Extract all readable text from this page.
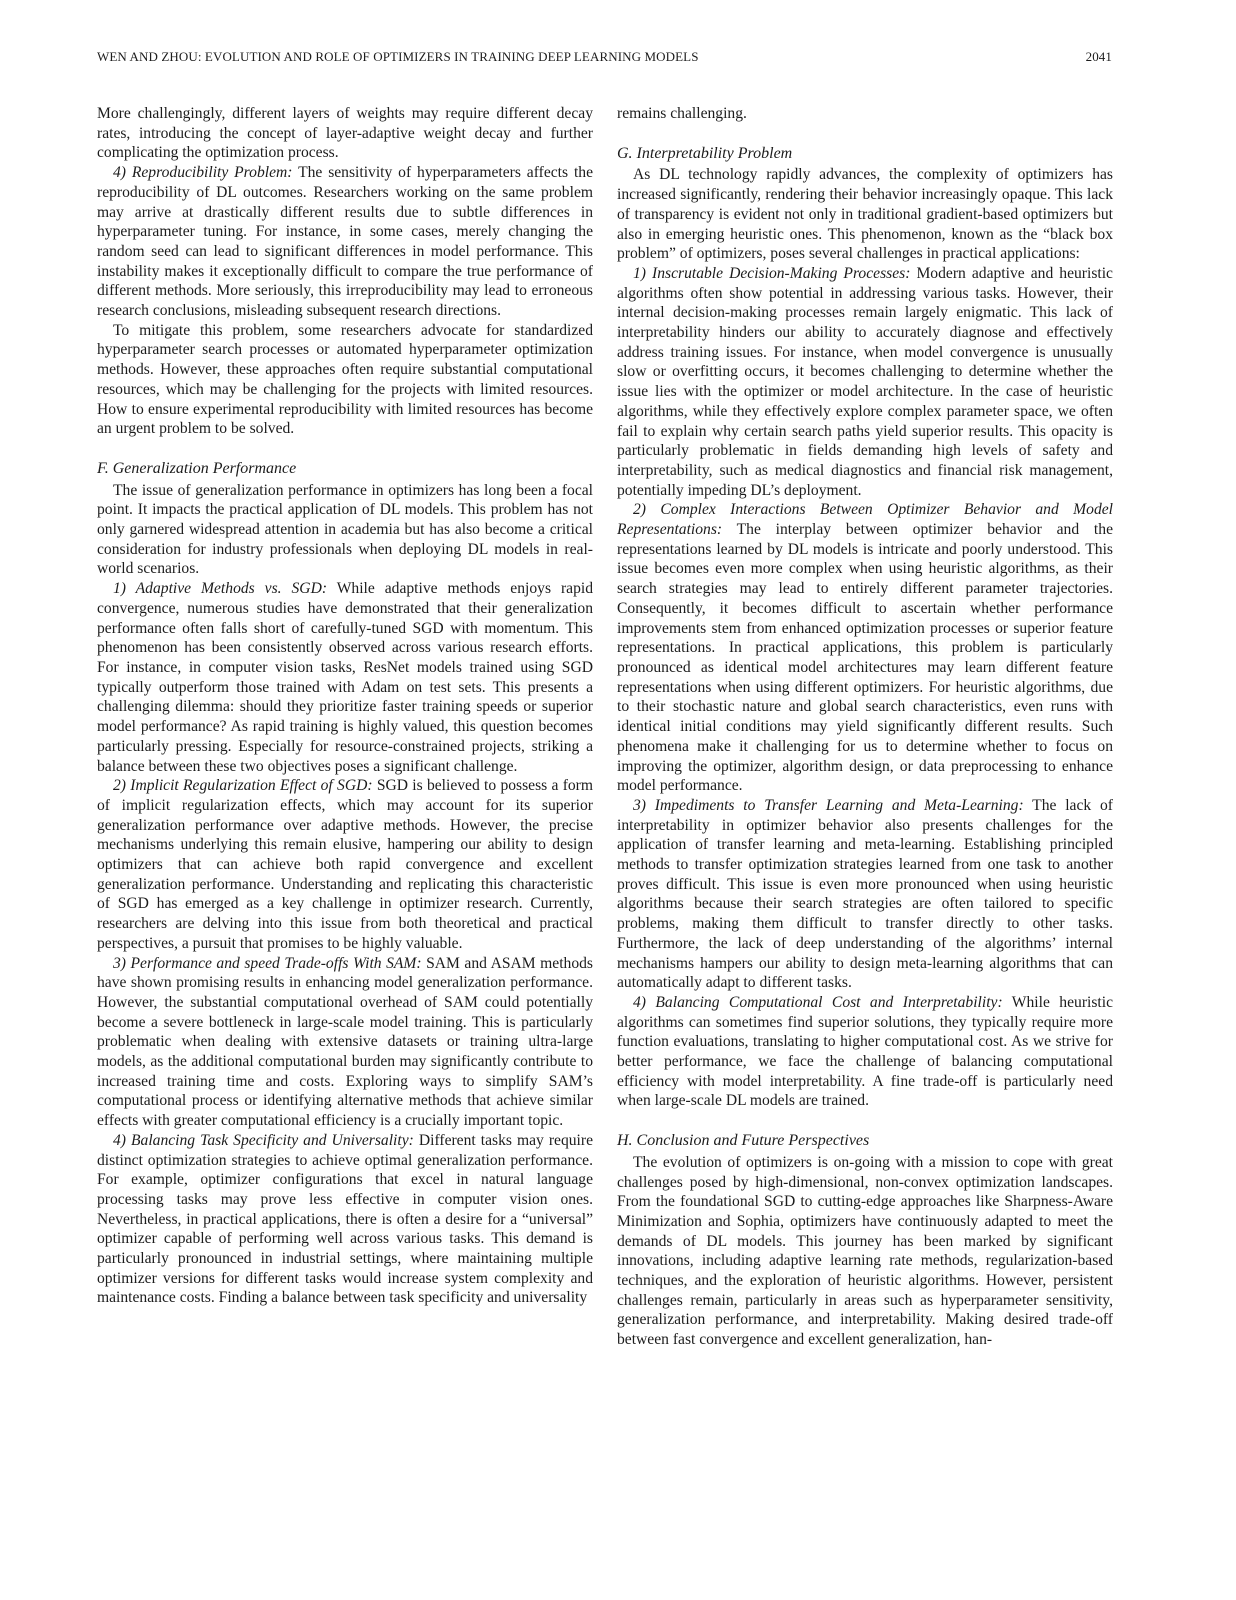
WEN AND ZHOU: EVOLUTION AND ROLE OF OPTIMIZERS IN TRAINING DEEP LEARNING MODELS	2041

More challengingly, different layers of weights may require different decay rates, introducing the concept of layer-adaptive weight decay and further complicating the optimization process.

4) Reproducibility Problem: The sensitivity of hyperparameters affects the reproducibility of DL outcomes. Researchers working on the same problem may arrive at drastically different results due to subtle differences in hyperparameter tuning. For instance, in some cases, merely changing the random seed can lead to significant differences in model performance. This instability makes it exceptionally difficult to compare the true performance of different methods. More seriously, this irreproducibility may lead to erroneous research conclusions, misleading subsequent research directions.

To mitigate this problem, some researchers advocate for standardized hyperparameter search processes or automated hyperparameter optimization methods. However, these approaches often require substantial computational resources, which may be challenging for the projects with limited resources. How to ensure experimental reproducibility with limited resources has become an urgent problem to be solved.

F. Generalization Performance

The issue of generalization performance in optimizers has long been a focal point. It impacts the practical application of DL models. This problem has not only garnered widespread attention in academia but has also become a critical consideration for industry professionals when deploying DL models in real-world scenarios.

1) Adaptive Methods vs. SGD: While adaptive methods enjoys rapid convergence, numerous studies have demonstrated that their generalization performance often falls short of carefully-tuned SGD with momentum. This phenomenon has been consistently observed across various research efforts. For instance, in computer vision tasks, ResNet models trained using SGD typically outperform those trained with Adam on test sets. This presents a challenging dilemma: should they prioritize faster training speeds or superior model performance? As rapid training is highly valued, this question becomes particularly pressing. Especially for resource-constrained projects, striking a balance between these two objectives poses a significant challenge.

2) Implicit Regularization Effect of SGD: SGD is believed to possess a form of implicit regularization effects, which may account for its superior generalization performance over adaptive methods. However, the precise mechanisms underlying this remain elusive, hampering our ability to design optimizers that can achieve both rapid convergence and excellent generalization performance. Understanding and replicating this characteristic of SGD has emerged as a key challenge in optimizer research. Currently, researchers are delving into this issue from both theoretical and practical perspectives, a pursuit that promises to be highly valuable.

3) Performance and speed Trade-offs With SAM: SAM and ASAM methods have shown promising results in enhancing model generalization performance. However, the substantial computational overhead of SAM could potentially become a severe bottleneck in large-scale model training. This is particularly problematic when dealing with extensive datasets or training ultra-large models, as the additional computational burden may significantly contribute to increased training time and costs. Exploring ways to simplify SAM’s computational process or identifying alternative methods that achieve similar effects with greater computational efficiency is a crucially important topic.

4) Balancing Task Specificity and Universality: Different tasks may require distinct optimization strategies to achieve optimal generalization performance. For example, optimizer configurations that excel in natural language processing tasks may prove less effective in computer vision ones. Nevertheless, in practical applications, there is often a desire for a “universal” optimizer capable of performing well across various tasks. This demand is particularly pronounced in industrial settings, where maintaining multiple optimizer versions for different tasks would increase system complexity and maintenance costs. Finding a balance between task specificity and universality

remains challenging.

G. Interpretability Problem

As DL technology rapidly advances, the complexity of optimizers has increased significantly, rendering their behavior increasingly opaque. This lack of transparency is evident not only in traditional gradient-based optimizers but also in emerging heuristic ones. This phenomenon, known as the “black box problem” of optimizers, poses several challenges in practical applications:

1) Inscrutable Decision-Making Processes: Modern adaptive and heuristic algorithms often show potential in addressing various tasks. However, their internal decision-making processes remain largely enigmatic. This lack of interpretability hinders our ability to accurately diagnose and effectively address training issues. For instance, when model convergence is unusually slow or overfitting occurs, it becomes challenging to determine whether the issue lies with the optimizer or model architecture. In the case of heuristic algorithms, while they effectively explore complex parameter space, we often fail to explain why certain search paths yield superior results. This opacity is particularly problematic in fields demanding high levels of safety and interpretability, such as medical diagnostics and financial risk management, potentially impeding DL’s deployment.

2) Complex Interactions Between Optimizer Behavior and Model Representations: The interplay between optimizer behavior and the representations learned by DL models is intricate and poorly understood. This issue becomes even more complex when using heuristic algorithms, as their search strategies may lead to entirely different parameter trajectories. Consequently, it becomes difficult to ascertain whether performance improvements stem from enhanced optimization processes or superior feature representations. In practical applications, this problem is particularly pronounced as identical model architectures may learn different feature representations when using different optimizers. For heuristic algorithms, due to their stochastic nature and global search characteristics, even runs with identical initial conditions may yield significantly different results. Such phenomena make it challenging for us to determine whether to focus on improving the optimizer, algorithm design, or data preprocessing to enhance model performance.

3) Impediments to Transfer Learning and Meta-Learning: The lack of interpretability in optimizer behavior also presents challenges for the application of transfer learning and meta-learning. Establishing principled methods to transfer optimization strategies learned from one task to another proves difficult. This issue is even more pronounced when using heuristic algorithms because their search strategies are often tailored to specific problems, making them difficult to transfer directly to other tasks. Furthermore, the lack of deep understanding of the algorithms’ internal mechanisms hampers our ability to design meta-learning algorithms that can automatically adapt to different tasks.

4) Balancing Computational Cost and Interpretability: While heuristic algorithms can sometimes find superior solutions, they typically require more function evaluations, translating to higher computational cost. As we strive for better performance, we face the challenge of balancing computational efficiency with model interpretability. A fine trade-off is particularly need when large-scale DL models are trained.

H. Conclusion and Future Perspectives

The evolution of optimizers is on-going with a mission to cope with great challenges posed by high-dimensional, non-convex optimization landscapes. From the foundational SGD to cutting-edge approaches like Sharpness-Aware Minimization and Sophia, optimizers have continuously adapted to meet the demands of DL models. This journey has been marked by significant innovations, including adaptive learning rate methods, regularization-based techniques, and the exploration of heuristic algorithms. However, persistent challenges remain, particularly in areas such as hyperparameter sensitivity, generalization performance, and interpretability. Making desired trade-off between fast convergence and excellent generalization, han-
